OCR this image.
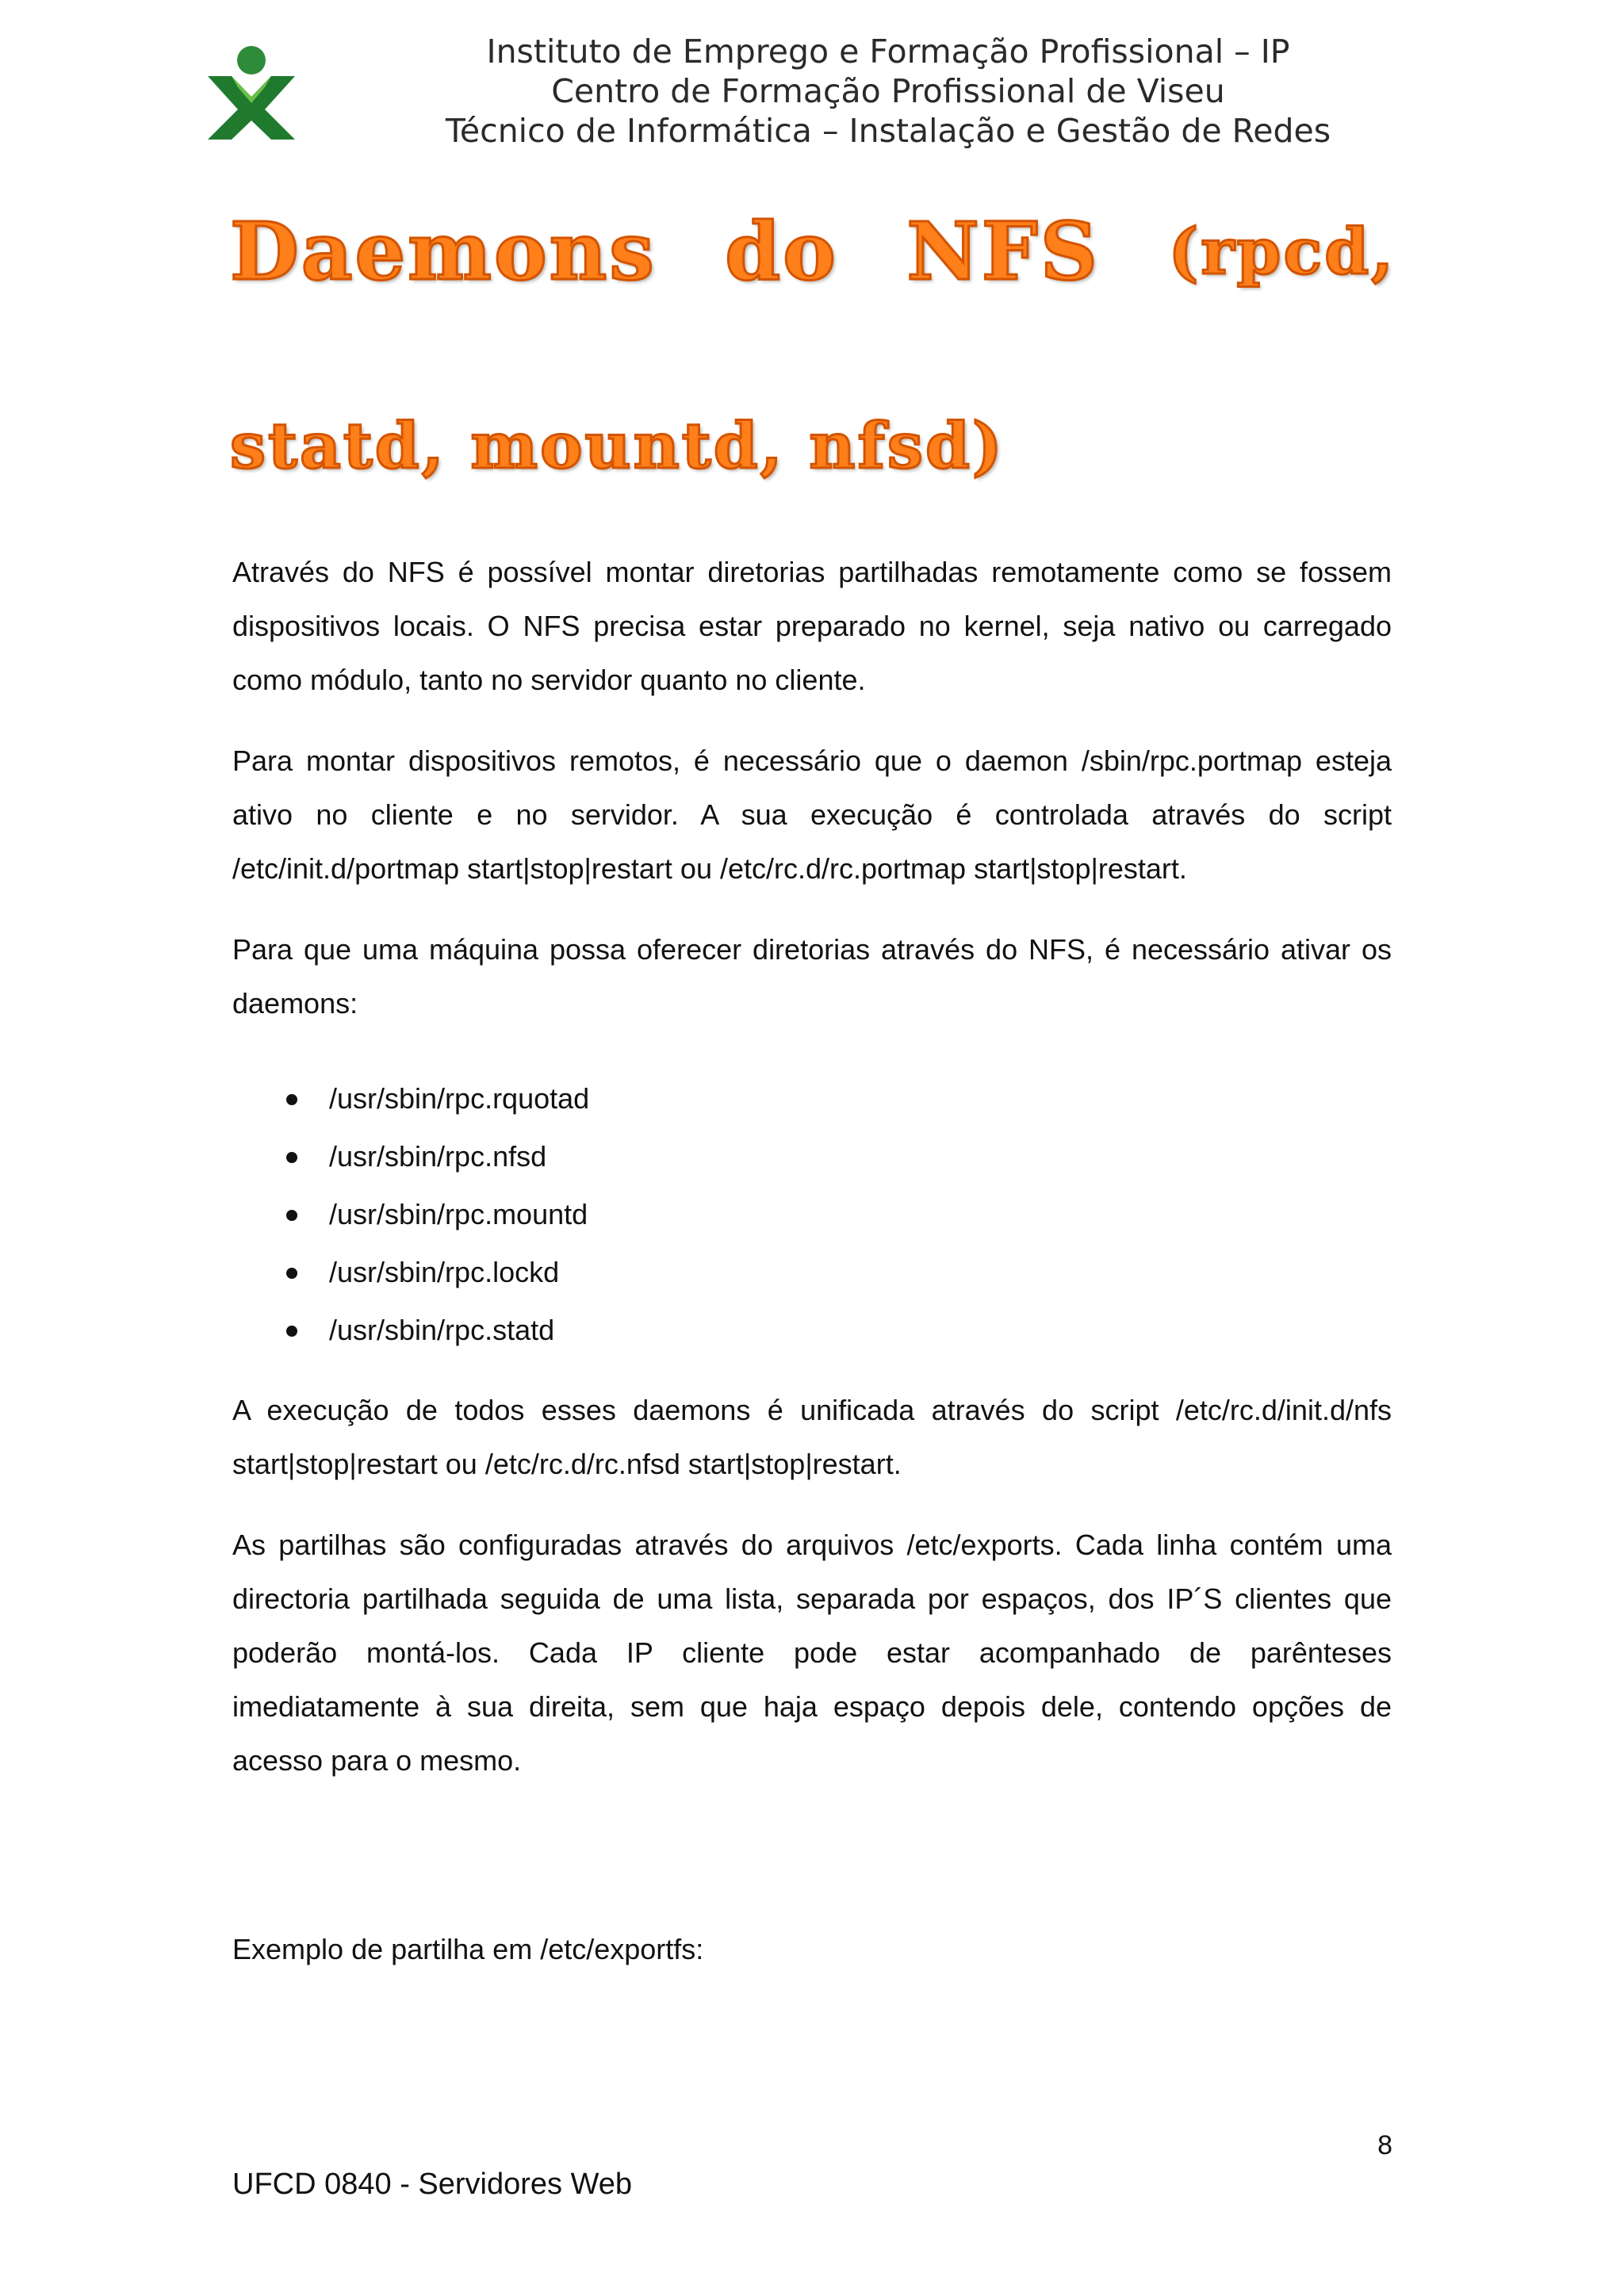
Instituto de Emprego e Formação Profissional – IP
Centro de Formação Profissional de Viseu
Técnico de Informática – Instalação e Gestão de Redes
Daemons do NFS (rpcd,
statd, mountd, nfsd)

Através do NFS é possível montar diretorias partilhadas remotamente como se fossem dispositivos locais. O NFS precisa estar preparado no kernel, seja nativo ou carregado como módulo, tanto no servidor quanto no cliente.

Para montar dispositivos remotos, é necessário que o daemon /sbin/rpc.portmap esteja ativo no cliente e no servidor. A sua execução é controlada através do script /etc/init.d/portmap start|stop|restart ou /etc/rc.d/rc.portmap start|stop|restart.

Para que uma máquina possa oferecer diretorias através do NFS, é necessário ativar os daemons:

/usr/sbin/rpc.rquotad
/usr/sbin/rpc.nfsd
/usr/sbin/rpc.mountd
/usr/sbin/rpc.lockd
/usr/sbin/rpc.statd

A execução de todos esses daemons é unificada através do script /etc/rc.d/init.d/nfs start|stop|restart ou /etc/rc.d/rc.nfsd start|stop|restart.

As partilhas são configuradas através do arquivos /etc/exports. Cada linha contém uma directoria partilhada seguida de uma lista, separada por espaços, dos IP´S clientes que poderão montá-los. Cada IP cliente pode estar acompanhado de parênteses imediatamente à sua direita, sem que haja espaço depois dele, contendo opções de acesso para o mesmo.

Exemplo de partilha em /etc/exportfs:

8
UFCD 0840 - Servidores Web
